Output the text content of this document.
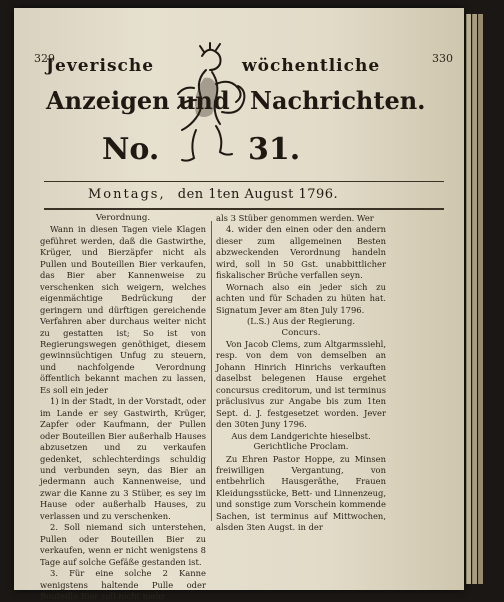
329	330
Jeverische	wöchentliche
Anzeigen und Nachrichten.
No.	31.
Montags, den 1ten August 1796.

Verordnung.

Wann in diesen Tagen viele Klagen geführet werden, daß die Gastwirthe, Krüger, und Bierzäpfer nicht als Pullen und Bouteillen Bier verkaufen, das Bier aber Kannenweise zu verschenken sich weigern, welches eigenmächtige Bedrückung der geringern und dürftigen gereichende Verfahren aber durchaus weiter nicht zu gestatten ist; So ist von Regierungswegen genöthiget, diesem gewinnsüchtigen Unfug zu steuern, und nachfolgende Verordnung öffentlich bekannt machen zu lassen, Es soll ein jeder

1) in der Stadt, in der Vorstadt, oder im Lande er sey Gastwirth, Krüger, Zapfer oder Kaufmann, der Pullen oder Bouteillen Bier außerhalb Hauses abzusetzen und zu verkaufen gedenket, schlechterdings schuldig und verbunden seyn, das Bier an jedermann auch Kannenweise, und zwar die Kanne zu 3 Stüber, es sey im Hause oder außerhalb Hauses, zu verlassen und zu verschenken.

2. Soll niemand sich unterstehen, Pullen oder Bouteillen Bier zu verkaufen, wenn er nicht wenigstens 8 Tage auf solche Gefäße gestanden ist.

3. Für eine solche 2 Kanne wenigstens haltende Pulle oder Bouteille Bier soll nicht mehr

als 3 Stüber genommen werden. Wer

4. wider den einen oder den andern dieser zum allgemeinen Besten abzweckenden Verordnung handeln wird, soll in 50 Gst. unabbittlicher fiskalischer Brüche verfallen seyn.

Wornach also ein jeder sich zu achten und für Schaden zu hüten hat. Signatum Jever am 8ten July 1796.

(L.S.) Aus der Regierung.

Concurs.

Von Jacob Clems, zum Altgarmssiehl, resp. von dem von demselben an Johann Hinrich Hinrichs verkauften daselbst belegenen Hause ergehet concursus creditorum, und ist terminus präclusivus zur Angabe bis zum 1ten Sept. d. J. festgesetzet worden. Jever den 30ten Juny 1796.

Aus dem Landgerichte hieselbst.

Gerichtliche Proclam.

Zu Ehren Pastor Hoppe, zu Minsen freiwilligen Vergantung, von entbehrlich Hausgeräthe, Frauen Kleidungsstücke, Bett- und Linnenzeug, und sonstige zum Vorschein kommende Sachen, ist terminus auf Mittwochen, alsden 3ten Augst. in der
